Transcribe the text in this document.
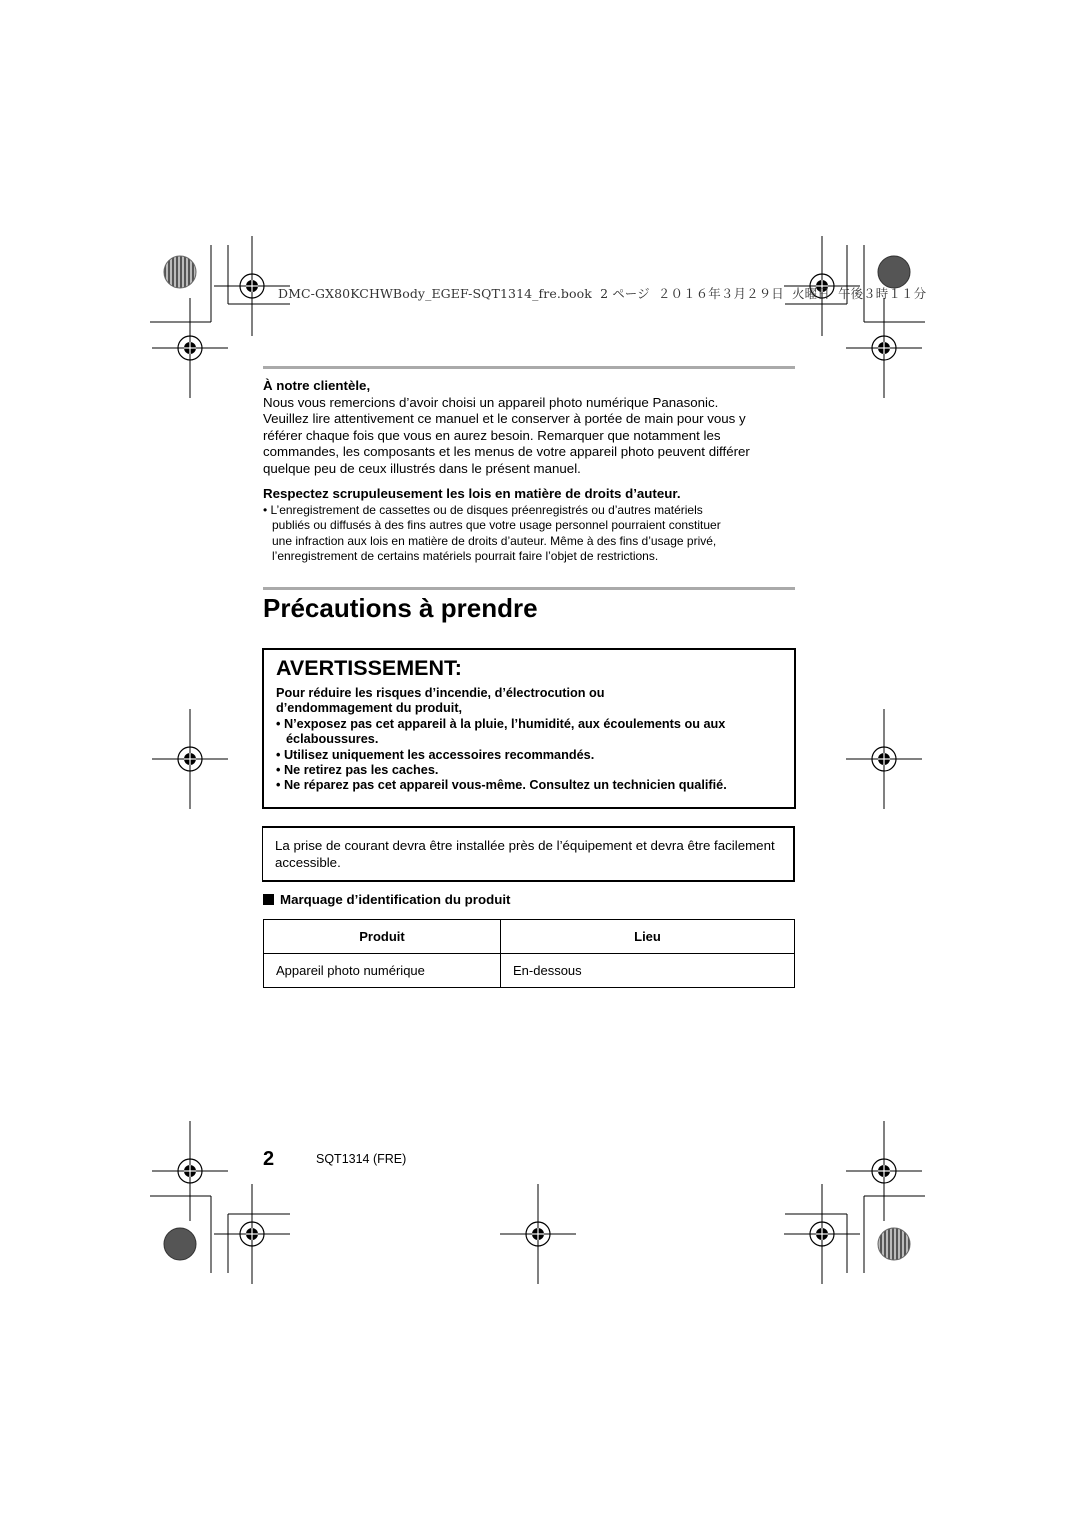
DMC-GX80KCHWBody_EGEF-SQT1314_fre.book  2 ページ  ２０１６年３月２９日  火曜日  午後３時１１分
À notre clientèle,
Nous vous remercions d’avoir choisi un appareil photo numérique Panasonic.
Veuillez lire attentivement ce manuel et le conserver à portée de main pour vous y
référer chaque fois que vous en aurez besoin. Remarquer que notamment les
commandes, les composants et les menus de votre appareil photo peuvent différer
quelque peu de ceux illustrés dans le présent manuel.
Respectez scrupuleusement les lois en matière de droits d’auteur.
• L’enregistrement de cassettes ou de disques préenregistrés ou d’autres matériels
publiés ou diffusés à des fins autres que votre usage personnel pourraient constituer
une infraction aux lois en matière de droits d’auteur. Même à des fins d’usage privé,
l’enregistrement de certains matériels pourrait faire l’objet de restrictions.
Précautions à prendre
AVERTISSEMENT:
Pour réduire les risques d’incendie, d’électrocution ou
d’endommagement du produit,
• N’exposez pas cet appareil à la pluie, l’humidité, aux écoulements ou aux éclaboussures.
• Utilisez uniquement les accessoires recommandés.
• Ne retirez pas les caches.
• Ne réparez pas cet appareil vous-même. Consultez un technicien qualifié.
La prise de courant devra être installée près de l’équipement et devra être facilement accessible.
Marquage d’identification du produit
Produit	Lieu
Appareil photo numérique	En-dessous
2	SQT1314 (FRE)
